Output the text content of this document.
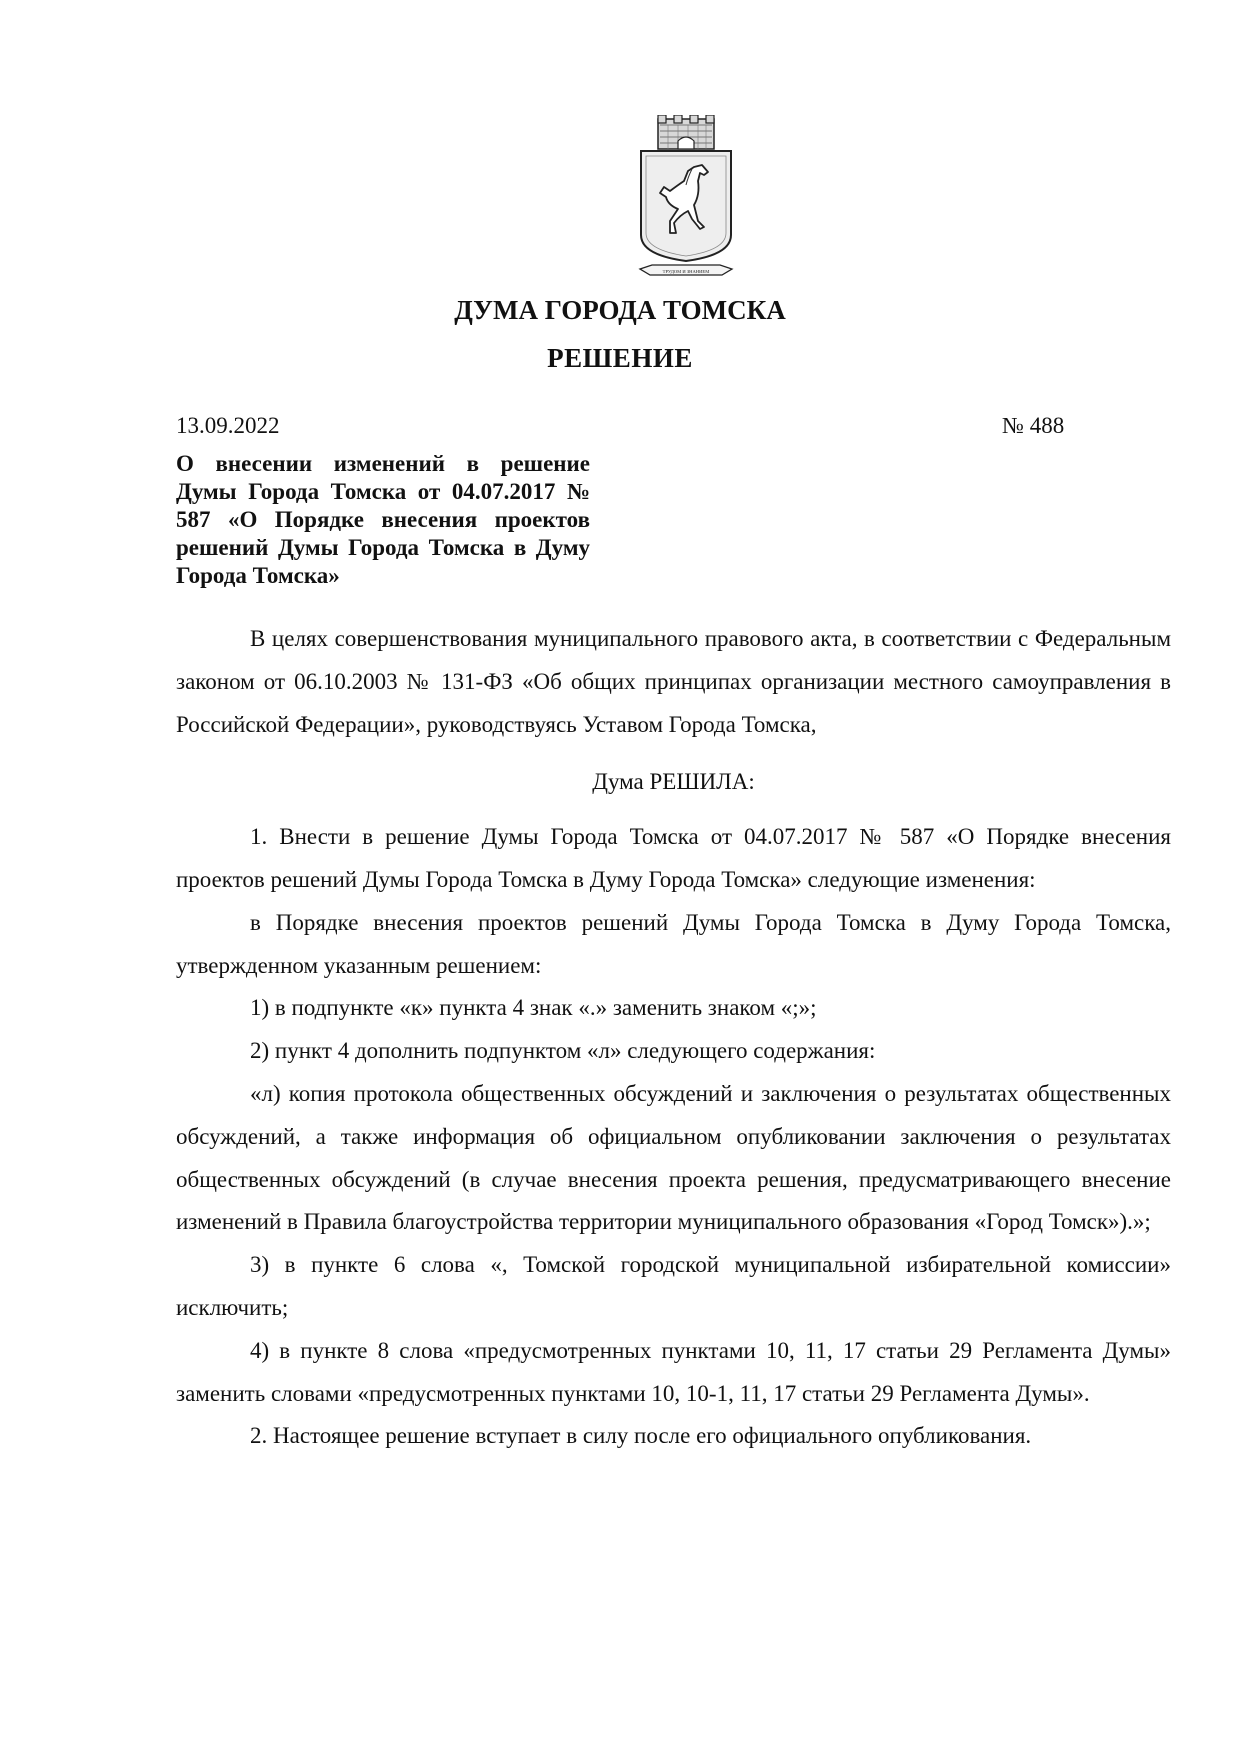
ТРУДОМ И ЗНАНИЕМ
ДУМА ГОРОДА ТОМСКА
РЕШЕНИЕ
13.09.2022	№ 488
О внесении изменений в решение Думы Города Томска от 04.07.2017 № 587 «О Порядке внесения проектов решений Думы Города Томска в Думу Города Томска»

В целях совершенствования муниципального правового акта, в соответствии с Федеральным законом от 06.10.2003 № 131-ФЗ «Об общих принципах организации местного самоуправления в Российской Федерации», руководствуясь Уставом Города Томска,

Дума РЕШИЛА:

1. Внести в решение Думы Города Томска от 04.07.2017 № 587 «О Порядке внесения проектов решений Думы Города Томска в Думу Города Томска» следующие изменения:

в Порядке внесения проектов решений Думы Города Томска в Думу Города Томска, утвержденном указанным решением:

1) в подпункте «к» пункта 4 знак «.» заменить знаком «;»;

2) пункт 4 дополнить подпунктом «л» следующего содержания:

«л) копия протокола общественных обсуждений и заключения о результатах общественных обсуждений, а также информация об официальном опубликовании заключения о результатах общественных обсуждений (в случае внесения проекта решения, предусматривающего внесение изменений в Правила благоустройства территории муниципального образования «Город Томск»).»;

3) в пункте 6 слова «, Томской городской муниципальной избирательной комиссии» исключить;

4) в пункте 8 слова «предусмотренных пунктами 10, 11, 17 статьи 29 Регламента Думы» заменить словами «предусмотренных пунктами 10, 10-1, 11, 17 статьи 29 Регламента Думы».

2. Настоящее решение вступает в силу после его официального опубликования.
